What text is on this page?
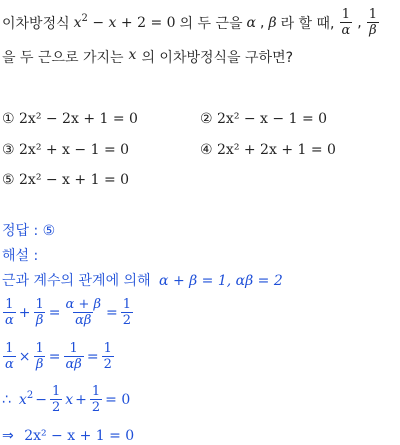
이차방정식 $x^2 - x + 2 = 0$ 의 두 근을 α , β 라 할 때, $\frac{1}{\alpha}$ , $\frac{1}{\beta}$
을 두 근으로 가지는 x 의 이차방정식을 구하면?
① 2x² − 2x + 1 = 0	② 2x² − x − 1 = 0
③ 2x² + x − 1 = 0	④ 2x² + 2x + 1 = 0
⑤ 2x² − x + 1 = 0
정답 : ⑤
해설 :
근과 계수의 관계에 의해 α + β = 1, αβ = 2
$\frac{1}{\alpha} + \frac{1}{\beta} = \frac{\alpha + \beta}{\alpha\beta} = \frac{1}{2}$
$\frac{1}{\alpha} \times \frac{1}{\beta} = \frac{1}{\alpha\beta} = \frac{1}{2}$
∴ $x^2 - \frac{1}{2}$ $x + \frac{1}{2} = 0$
⇒ 2x² − x + 1 = 0
